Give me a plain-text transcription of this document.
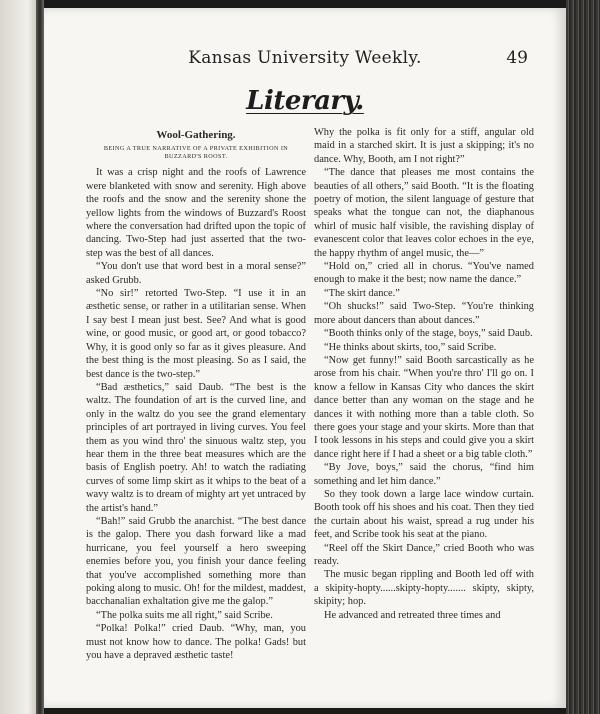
Kansas University Weekly.	49
Literary.
Wool-Gathering.
BEING A TRUE NARRATIVE OF A PRIVATE EXHIBITION IN BUZZARD'S ROOST.

It was a crisp night and the roofs of Lawrence were blanketed with snow and serenity. High above the roofs and the snow and the serenity shone the yellow lights from the windows of Buzzard's Roost where the conversation had drifted upon the topic of dancing. Two-Step had just asserted that the two-step was the best of all dances.

“You don't use that word best in a moral sense?” asked Grubb.

“No sir!” retorted Two-Step. “I use it in an æsthetic sense, or rather in a utilitarian sense. When I say best I mean just best. See? And what is good wine, or good music, or good art, or good tobacco? Why, it is good only so far as it gives pleasure. And the best thing is the most pleasing. So as I said, the best dance is the two-step.”

“Bad æsthetics,” said Daub. “The best is the waltz. The foundation of art is the curved line, and only in the waltz do you see the grand elementary principles of art portrayed in living curves. You feel them as you wind thro' the sinuous waltz step, you hear them in the three beat measures which are the basis of English poetry. Ah! to watch the radiating curves of some limp skirt as it whips to the beat of a wavy waltz is to dream of mighty art yet untraced by the artist's hand.”

“Bah!” said Grubb the anarchist. “The best dance is the galop. There you dash forward like a mad hurricane, you feel yourself a hero sweeping enemies before you, you finish your dance feeling that you've accomplished something more than poking along to music. Oh! for the mildest, maddest, bacchanalian exhaltation give me the galop.”

“The polka suits me all right,” said Scribe.

“Polka! Polka!” cried Daub. “Why, man, you must not know how to dance. The polka! Gads! but you have a depraved æsthetic taste!

Why the polka is fit only for a stiff, angular old maid in a starched skirt. It is just a skipping; it's no dance. Why, Booth, am I not right?”

“The dance that pleases me most contains the beauties of all others,” said Booth. “It is the floating poetry of motion, the silent language of gesture that speaks what the tongue can not, the diaphanous whirl of music half visible, the ravishing display of evanescent color that leaves color echoes in the eye, the happy rhythm of angel music, the—”

“Hold on,” cried all in chorus. “You've named enough to make it the best; now name the dance.”

“The skirt dance.”

“Oh shucks!” said Two-Step. “You're thinking more about dancers than about dances.”

“Booth thinks only of the stage, boys,” said Daub.

“He thinks about skirts, too,” said Scribe.

“Now get funny!” said Booth sarcastically as he arose from his chair. “When you're thro' I'll go on. I know a fellow in Kansas City who dances the skirt dance better than any woman on the stage and he dances it with nothing more than a table cloth. So there goes your stage and your skirts. More than that I took lessons in his steps and could give you a skirt dance right here if I had a sheet or a big table cloth.”

“By Jove, boys,” said the chorus, “find him something and let him dance.”

So they took down a large lace window curtain. Booth took off his shoes and his coat. Then they tied the curtain about his waist, spread a rug under his feet, and Scribe took his seat at the piano.

“Reel off the Skirt Dance,” cried Booth who was ready.

The music began rippling and Booth led off with a skipity-hopty......skipty-hopty....... skipty, skipty, skipity; hop.

He advanced and retreated three times and
